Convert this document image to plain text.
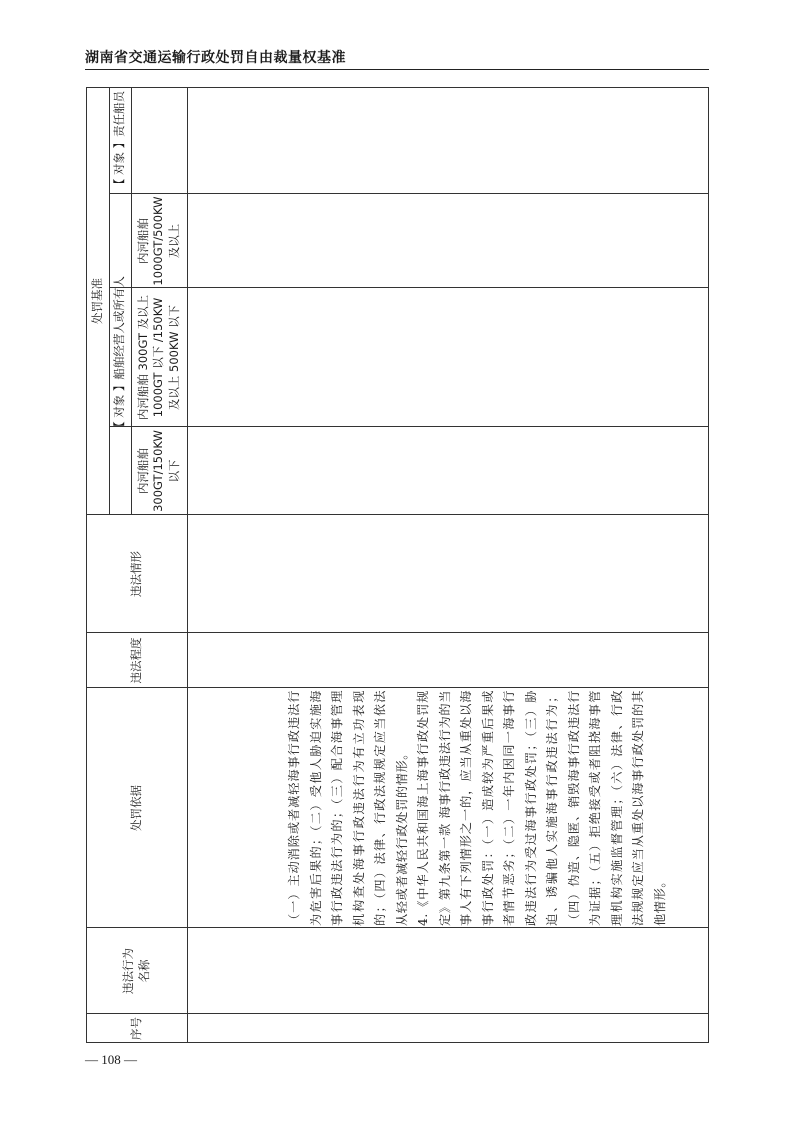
湖南省交通运输行政处罚自由裁量权基准
序号
违法行为名称
处罚依据
违法程度
违法情形
处罚基准 【 对象 】船舶经营人或所有人
【 对象 】责任船员
内河船舶300GT/150KW以下
内河船舶 300GT 及以上 1000GT 以下 /150KW 及以上 500KW 以下
内河船舶1000GT/500KW及以上

（一）主动消除或者减轻海事行政违法行为危害后果的；（二）受他人胁迫实施海事行政违法行为的；（三）配合海事管理机构查处海事行政违法行为有立功表现的；（四）法律、行政法规规定应当依法从轻或者减轻行政处罚的情形。 4.《中华人民共和国海上海事行政处罚规定》第九条第一款 海事行政违法行为的当事人有下列情形之一的，应当从重处以海事行政处罚：（一）造成较为严重后果或者情节恶劣；（二）一年内因同一海事行政违法行为受过海事行政处罚；（三）胁迫、诱骗他人实施海事行政违法行为；（四）伪造、隐匿、销毁海事行政违法行为证据；（五）拒绝接受或者阻挠海事管理机构实施监督管理；（六）法律、行政法规规定应当从重处以海事行政处罚的其他情形。

— 108 —
